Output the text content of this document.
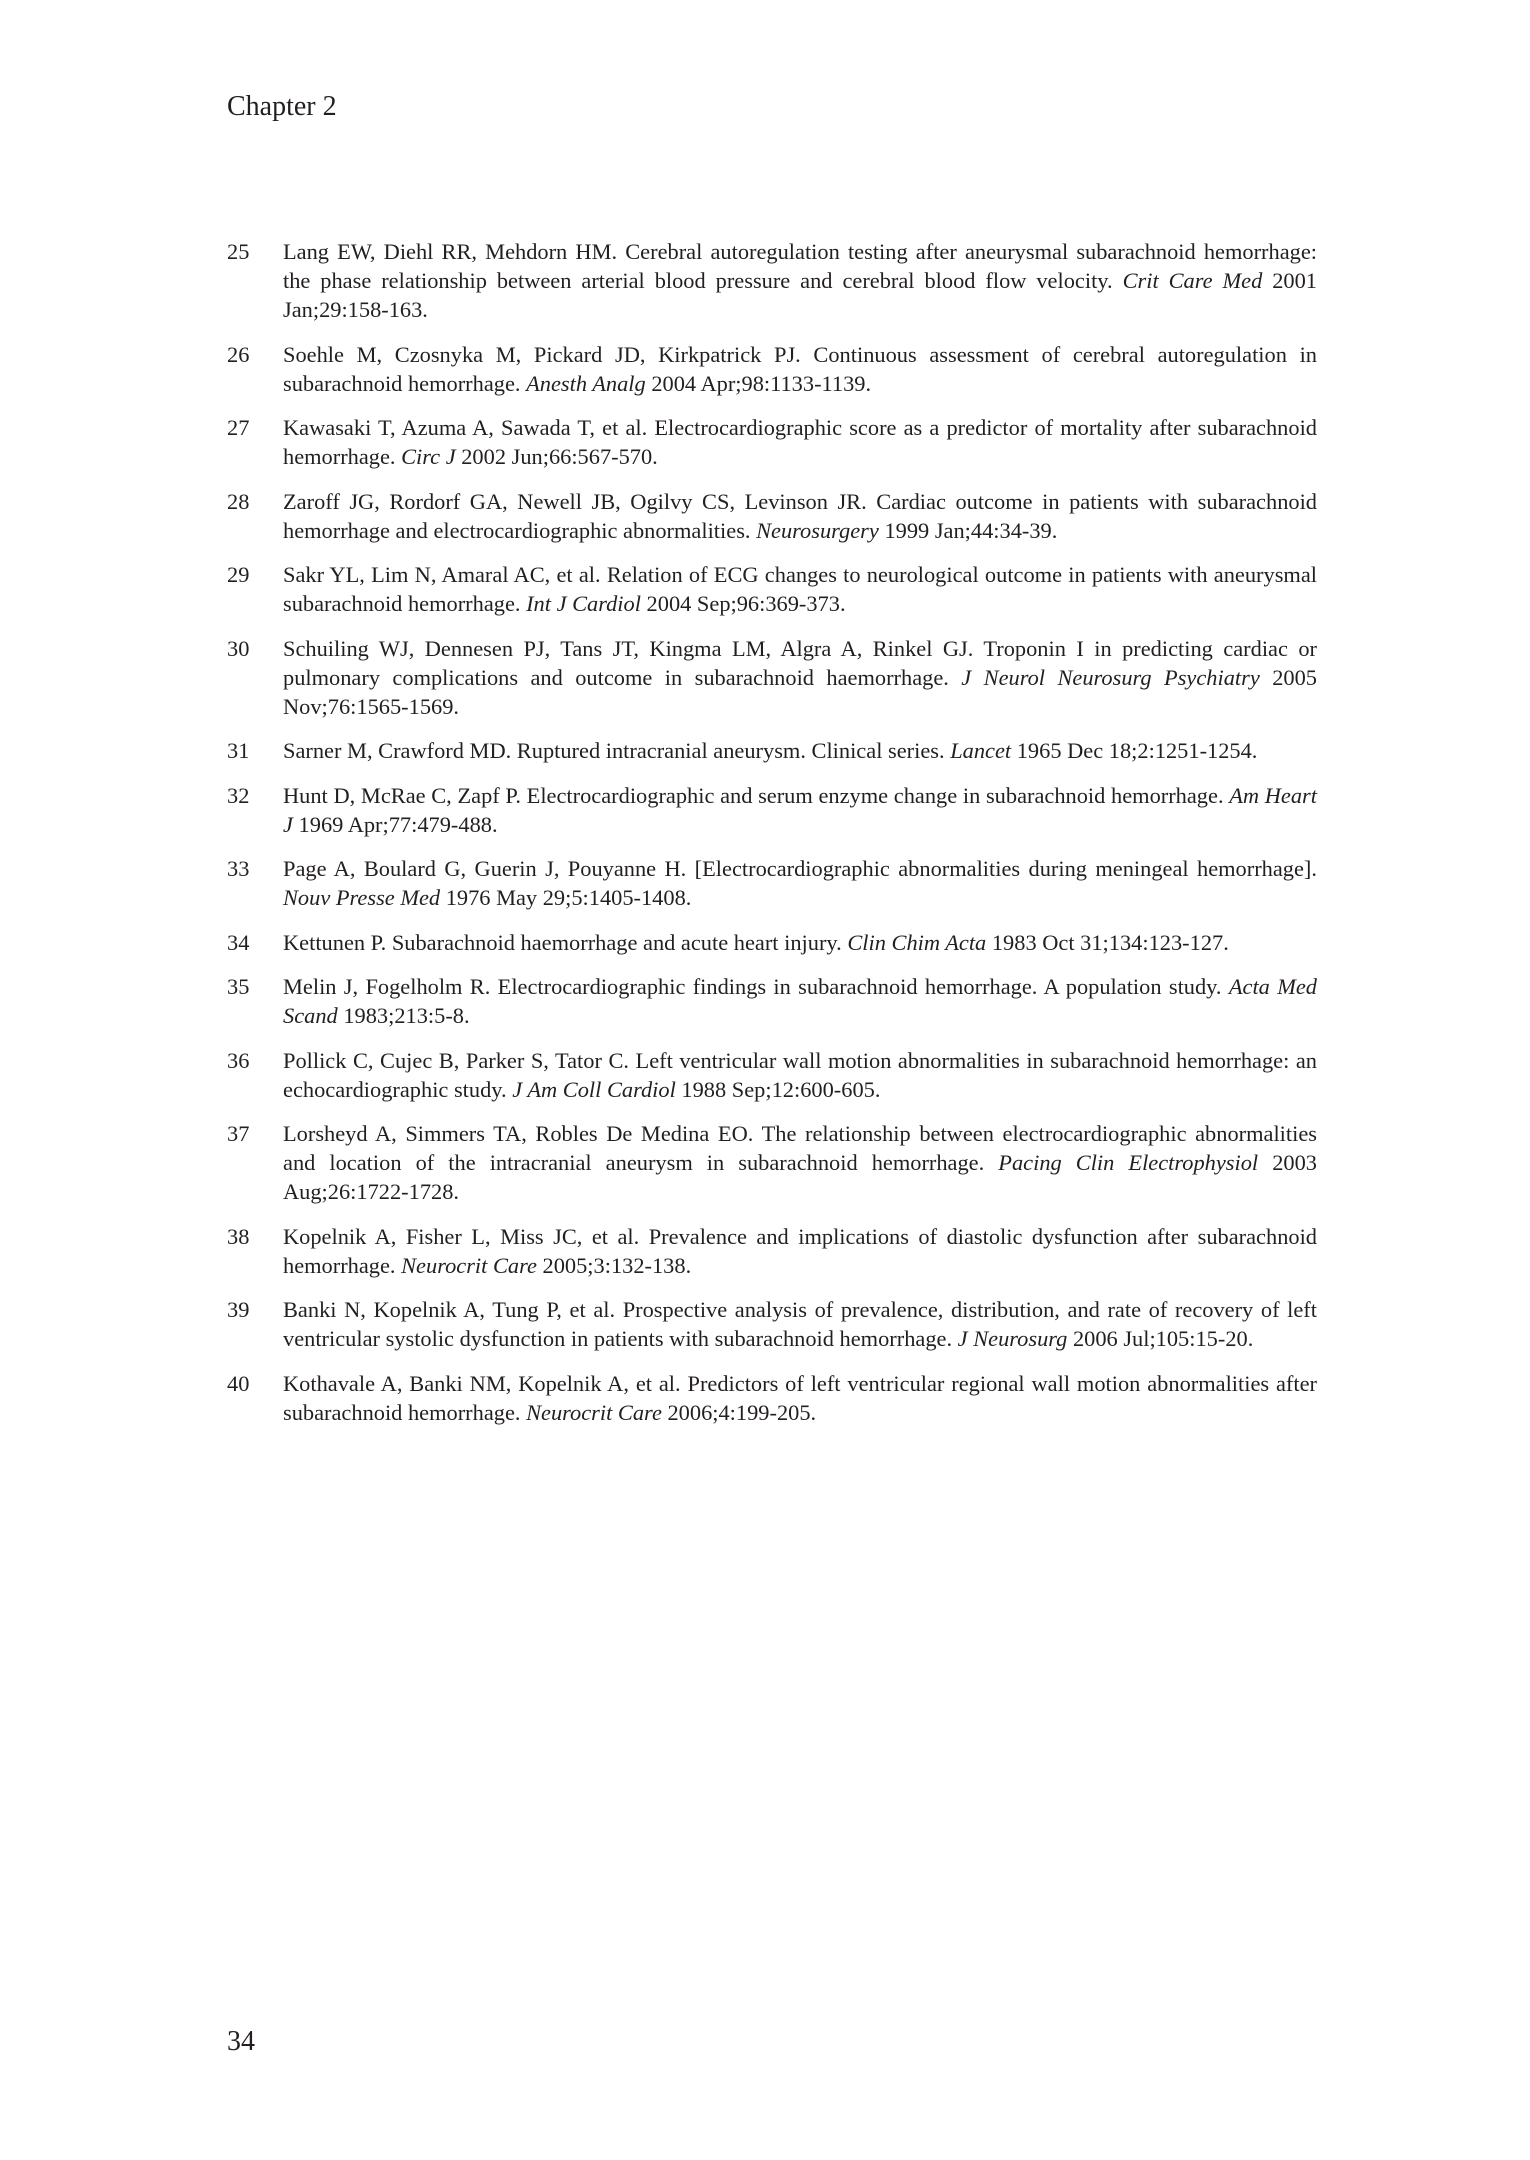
Chapter 2
25	Lang EW, Diehl RR, Mehdorn HM. Cerebral autoregulation testing after aneurysmal subarachnoid hemorrhage: the phase relationship between arterial blood pressure and cerebral blood flow velocity. Crit Care Med 2001 Jan;29:158-163.
26	Soehle M, Czosnyka M, Pickard JD, Kirkpatrick PJ. Continuous assessment of cerebral autoregulation in subarachnoid hemorrhage. Anesth Analg 2004 Apr;98:1133-1139.
27	Kawasaki T, Azuma A, Sawada T, et al. Electrocardiographic score as a predictor of mortality after subarachnoid hemorrhage. Circ J 2002 Jun;66:567-570.
28	Zaroff JG, Rordorf GA, Newell JB, Ogilvy CS, Levinson JR. Cardiac outcome in patients with subarachnoid hemorrhage and electrocardiographic abnormalities. Neurosurgery 1999 Jan;44:34-39.
29	Sakr YL, Lim N, Amaral AC, et al. Relation of ECG changes to neurological outcome in patients with aneurysmal subarachnoid hemorrhage. Int J Cardiol 2004 Sep;96:369-373.
30	Schuiling WJ, Dennesen PJ, Tans JT, Kingma LM, Algra A, Rinkel GJ. Troponin I in predicting cardiac or pulmonary complications and outcome in subarachnoid haemorrhage. J Neurol Neurosurg Psychiatry 2005 Nov;76:1565-1569.
31	Sarner M, Crawford MD. Ruptured intracranial aneurysm. Clinical series. Lancet 1965 Dec 18;2:1251-1254.
32	Hunt D, McRae C, Zapf P. Electrocardiographic and serum enzyme change in subarachnoid hemorrhage. Am Heart J 1969 Apr;77:479-488.
33	Page A, Boulard G, Guerin J, Pouyanne H. [Electrocardiographic abnormalities during meningeal hemorrhage]. Nouv Presse Med 1976 May 29;5:1405-1408.
34	Kettunen P. Subarachnoid haemorrhage and acute heart injury. Clin Chim Acta 1983 Oct 31;134:123-127.
35	Melin J, Fogelholm R. Electrocardiographic findings in subarachnoid hemorrhage. A population study. Acta Med Scand 1983;213:5-8.
36	Pollick C, Cujec B, Parker S, Tator C. Left ventricular wall motion abnormalities in subarachnoid hemorrhage: an echocardiographic study. J Am Coll Cardiol 1988 Sep;12:600-605.
37	Lorsheyd A, Simmers TA, Robles De Medina EO. The relationship between electrocardiographic abnormalities and location of the intracranial aneurysm in subarachnoid hemorrhage. Pacing Clin Electrophysiol 2003 Aug;26:1722-1728.
38	Kopelnik A, Fisher L, Miss JC, et al. Prevalence and implications of diastolic dysfunction after subarachnoid hemorrhage. Neurocrit Care 2005;3:132-138.
39	Banki N, Kopelnik A, Tung P, et al. Prospective analysis of prevalence, distribution, and rate of recovery of left ventricular systolic dysfunction in patients with subarachnoid hemorrhage. J Neurosurg 2006 Jul;105:15-20.
40	Kothavale A, Banki NM, Kopelnik A, et al. Predictors of left ventricular regional wall motion abnormalities after subarachnoid hemorrhage. Neurocrit Care 2006;4:199-205.
34
